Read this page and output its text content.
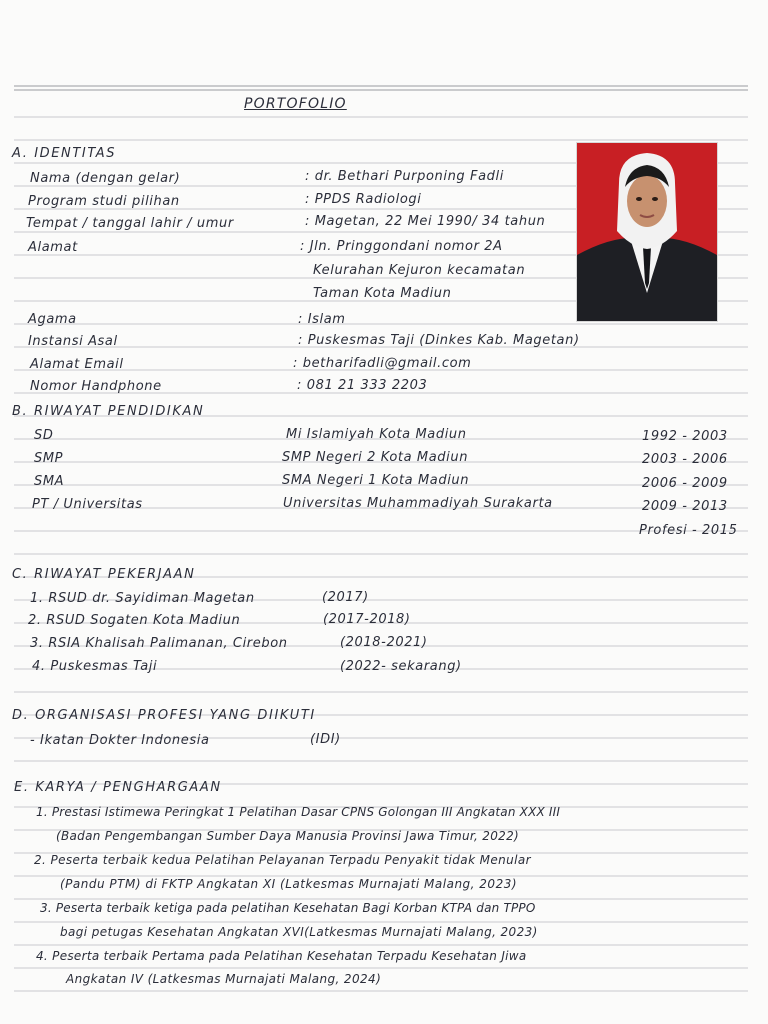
PORTOFOLIO
A. IDENTITAS
Nama (dengan gelar)	: dr. Bethari Purponing Fadli
Program studi pilihan	: PPDS Radiologi
Tempat / tanggal lahir / umur	: Magetan, 22 Mei 1990/ 34 tahun
Alamat	: Jln. Pringgondani nomor 2A
Kelurahan Kejuron kecamatan
Taman Kota Madiun
Agama	: Islam
Instansi Asal	: Puskesmas Taji (Dinkes Kab. Magetan)
Alamat Email	: betharifadli@gmail.com
Nomor Handphone	: 081 21 333 2203
B. RIWAYAT PENDIDIKAN
SD	Mi Islamiyah Kota Madiun	1992 - 2003
SMP	SMP Negeri 2 Kota Madiun	2003 - 2006
SMA	SMA Negeri 1 Kota Madiun	2006 - 2009
PT / Universitas	Universitas Muhammadiyah Surakarta	2009 - 2013
Profesi - 2015
C. RIWAYAT PEKERJAAN
1. RSUD dr. Sayidiman Magetan	(2017)
2. RSUD Sogaten Kota Madiun	(2017-2018)
3. RSIA Khalisah Palimanan, Cirebon	(2018-2021)
4. Puskesmas Taji	(2022- sekarang)
D. ORGANISASI PROFESI YANG DIIKUTI
- Ikatan Dokter Indonesia	(IDI)
E. KARYA / PENGHARGAAN
1. Prestasi Istimewa Peringkat 1 Pelatihan Dasar CPNS Golongan III Angkatan XXX III
(Badan Pengembangan Sumber Daya Manusia Provinsi Jawa Timur, 2022)
2. Peserta terbaik kedua Pelatihan Pelayanan Terpadu Penyakit tidak Menular
(Pandu PTM) di FKTP Angkatan XI (Latkesmas Murnajati Malang, 2023)
3. Peserta terbaik ketiga pada pelatihan Kesehatan Bagi Korban KTPA dan TPPO
bagi petugas Kesehatan Angkatan XVI(Latkesmas Murnajati Malang, 2023)
4. Peserta terbaik Pertama pada Pelatihan Kesehatan Terpadu Kesehatan Jiwa
Angkatan IV (Latkesmas Murnajati Malang, 2024)
